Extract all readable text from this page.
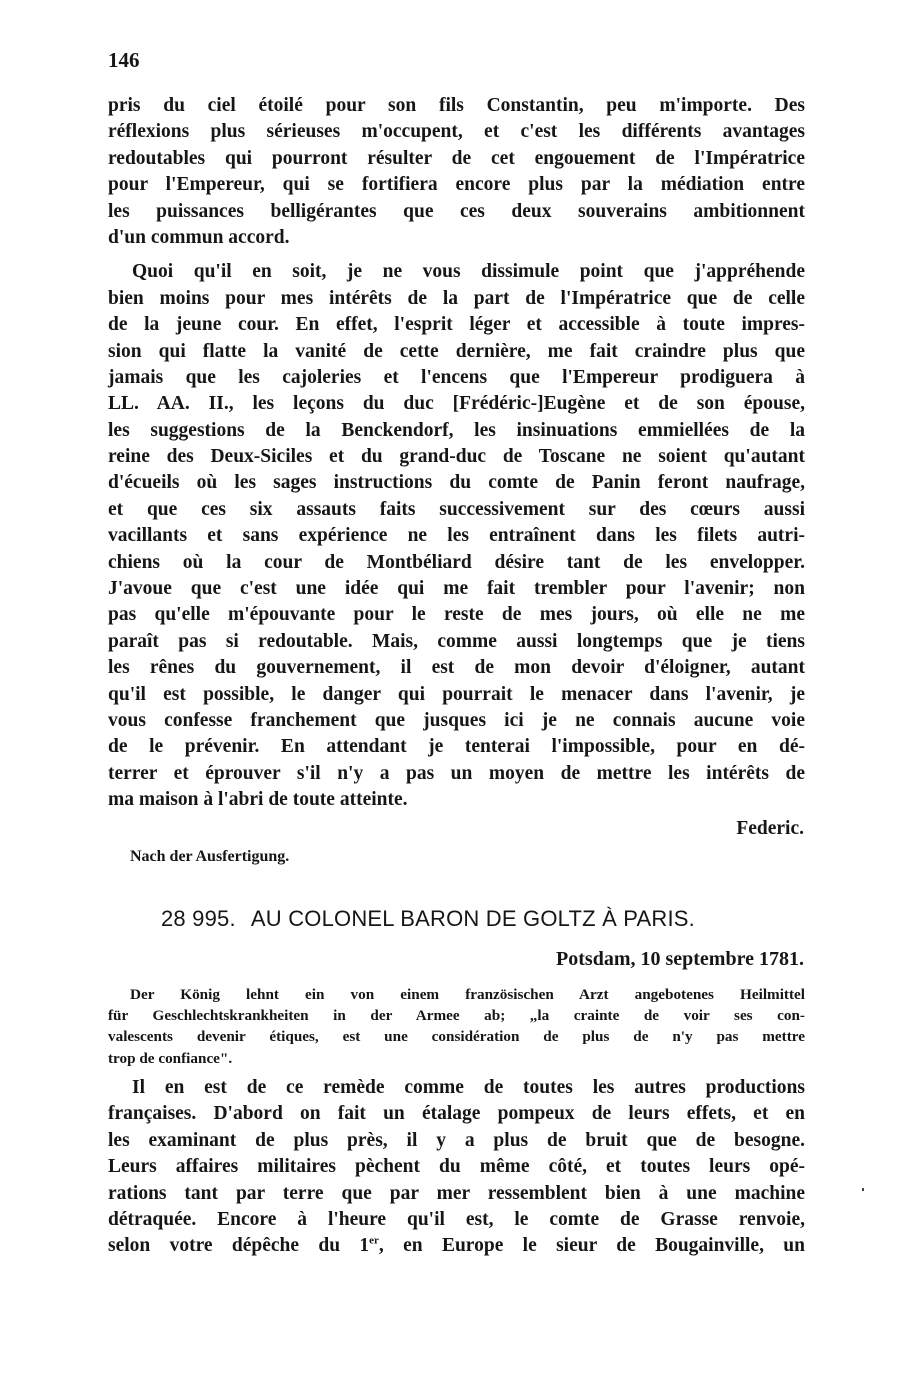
146
pris du ciel étoilé pour son fils Constantin, peu m'importe. Des
réflexions plus sérieuses m'occupent, et c'est les différents avantages
redoutables qui pourront résulter de cet engouement de l'Impératrice
pour l'Empereur, qui se fortifiera encore plus par la médiation entre
les puissances belligérantes que ces deux souverains ambitionnent
d'un commun accord.
Quoi qu'il en soit, je ne vous dissimule point que j'appréhende
bien moins pour mes intérêts de la part de l'Impératrice que de celle
de la jeune cour. En effet, l'esprit léger et accessible à toute impres-
sion qui flatte la vanité de cette dernière, me fait craindre plus que
jamais que les cajoleries et l'encens que l'Empereur prodiguera à
LL. AA. II., les leçons du duc [Frédéric-]Eugène et de son épouse,
les suggestions de la Benckendorf, les insinuations emmiellées de la
reine des Deux-Siciles et du grand-duc de Toscane ne soient qu'autant
d'écueils où les sages instructions du comte de Panin feront naufrage,
et que ces six assauts faits successivement sur des cœurs aussi
vacillants et sans expérience ne les entraînent dans les filets autri-
chiens où la cour de Montbéliard désire tant de les envelopper.
J'avoue que c'est une idée qui me fait trembler pour l'avenir; non
pas qu'elle m'épouvante pour le reste de mes jours, où elle ne me
paraît pas si redoutable. Mais, comme aussi longtemps que je tiens
les rênes du gouvernement, il est de mon devoir d'éloigner, autant
qu'il est possible, le danger qui pourrait le menacer dans l'avenir, je
vous confesse franchement que jusques ici je ne connais aucune voie
de le prévenir. En attendant je tenterai l'impossible, pour en dé-
terrer et éprouver s'il n'y a pas un moyen de mettre les intérêts de
ma maison à l'abri de toute atteinte.
Federic.
Nach der Ausfertigung.
28 995. AU COLONEL BARON DE GOLTZ À PARIS.
Potsdam, 10 septembre 1781.
Der König lehnt ein von einem französischen Arzt angebotenes Heilmittel
für Geschlechtskrankheiten in der Armee ab; „la crainte de voir ses con-
valescents devenir étiques, est une considération de plus de n'y pas mettre
trop de confiance".
Il en est de ce remède comme de toutes les autres productions
françaises. D'abord on fait un étalage pompeux de leurs effets, et en
les examinant de plus près, il y a plus de bruit que de besogne.
Leurs affaires militaires pèchent du même côté, et toutes leurs opé-
rations tant par terre que par mer ressemblent bien à une machine
détraquée. Encore à l'heure qu'il est, le comte de Grasse renvoie,
selon votre dépêche du 1er, en Europe le sieur de Bougainville, un
